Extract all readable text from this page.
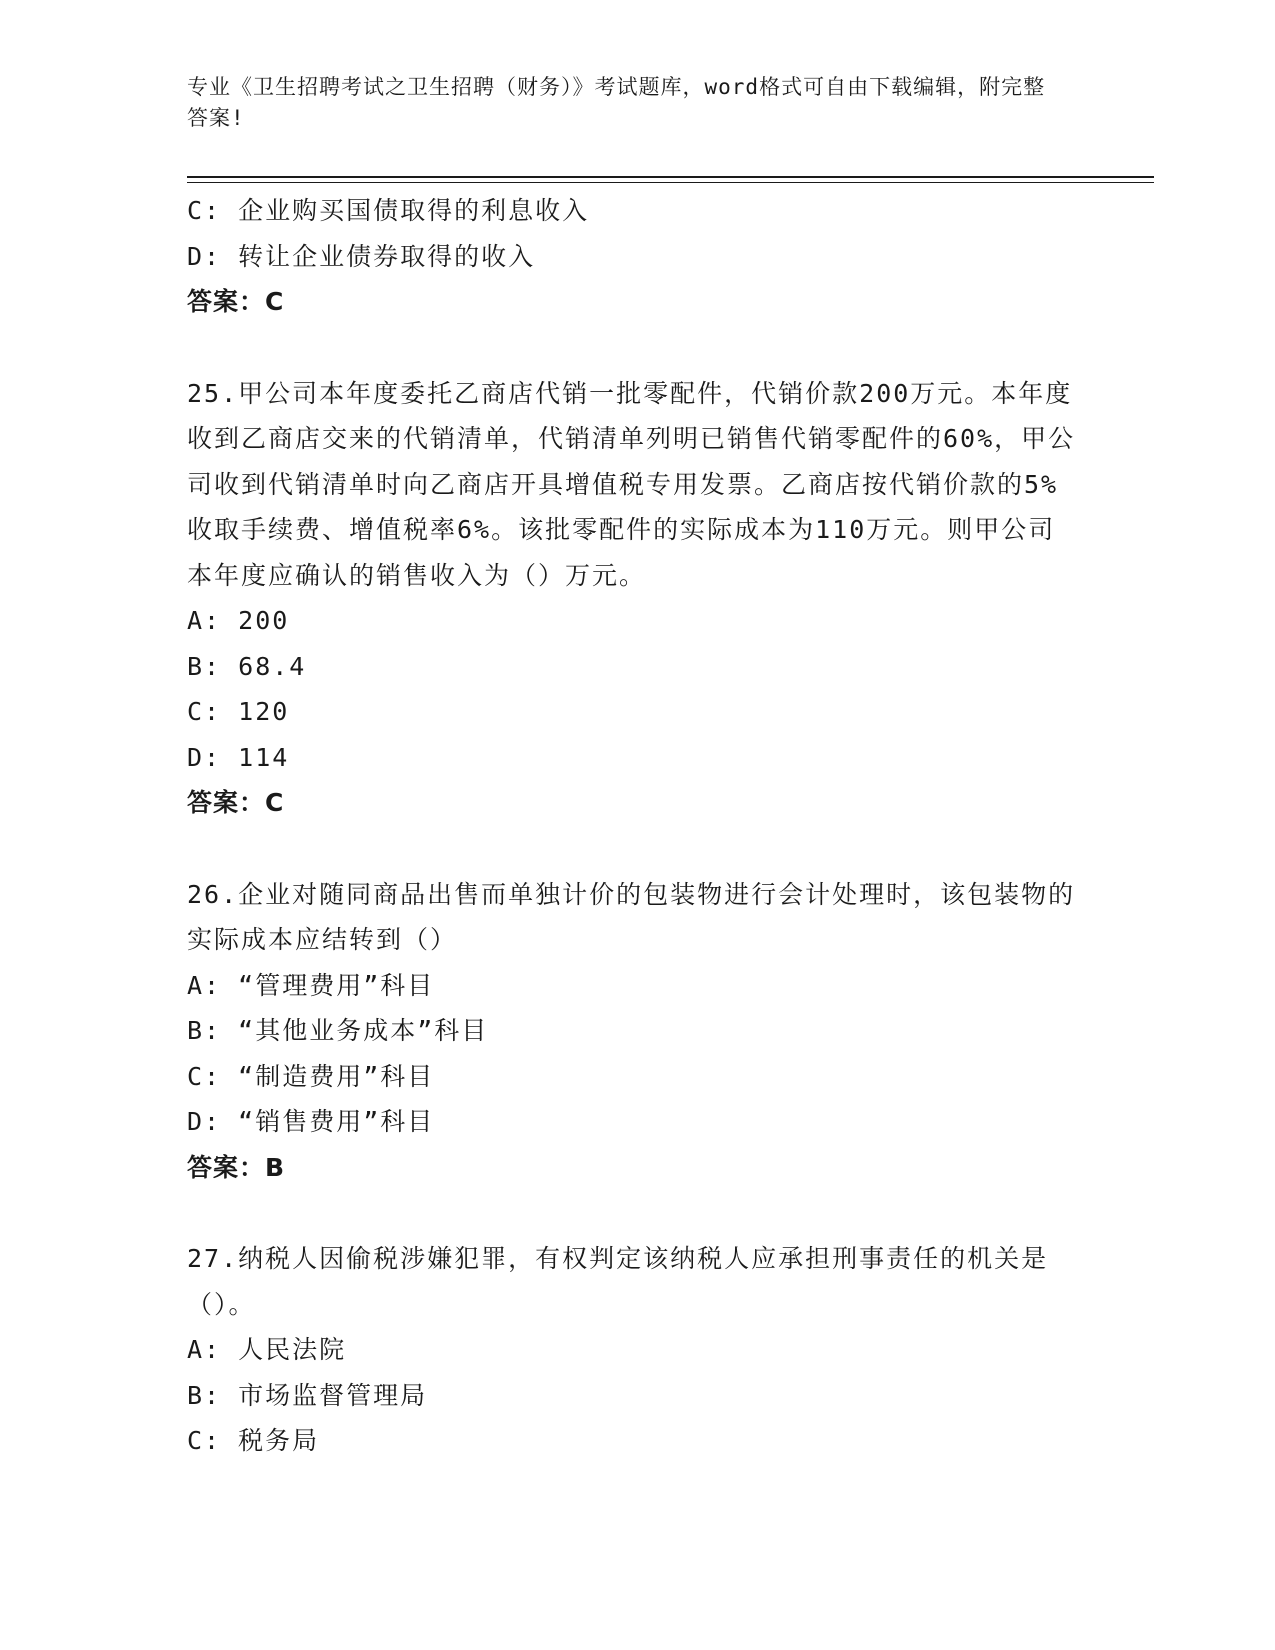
专业《卫生招聘考试之卫生招聘（财务）》考试题库，word格式可自由下载编辑，附完整答案!
C: 企业购买国债取得的利息收入
D: 转让企业债券取得的收入
答案：C
25.甲公司本年度委托乙商店代销一批零配件，代销价款200万元。本年度收到乙商店交来的代销清单，代销清单列明已销售代销零配件的60%，甲公司收到代销清单时向乙商店开具增值税专用发票。乙商店按代销价款的5%收取手续费、增值税率6%。该批零配件的实际成本为110万元。则甲公司本年度应确认的销售收入为（）万元。
A: 200
B: 68.4
C: 120
D: 114
答案：C
26.企业对随同商品出售而单独计价的包装物进行会计处理时，该包装物的实际成本应结转到（）
A: “管理费用”科目
B: “其他业务成本”科目
C: “制造费用”科目
D: “销售费用”科目
答案：B
27.纳税人因偷税涉嫌犯罪，有权判定该纳税人应承担刑事责任的机关是（）。
A: 人民法院
B: 市场监督管理局
C: 税务局
